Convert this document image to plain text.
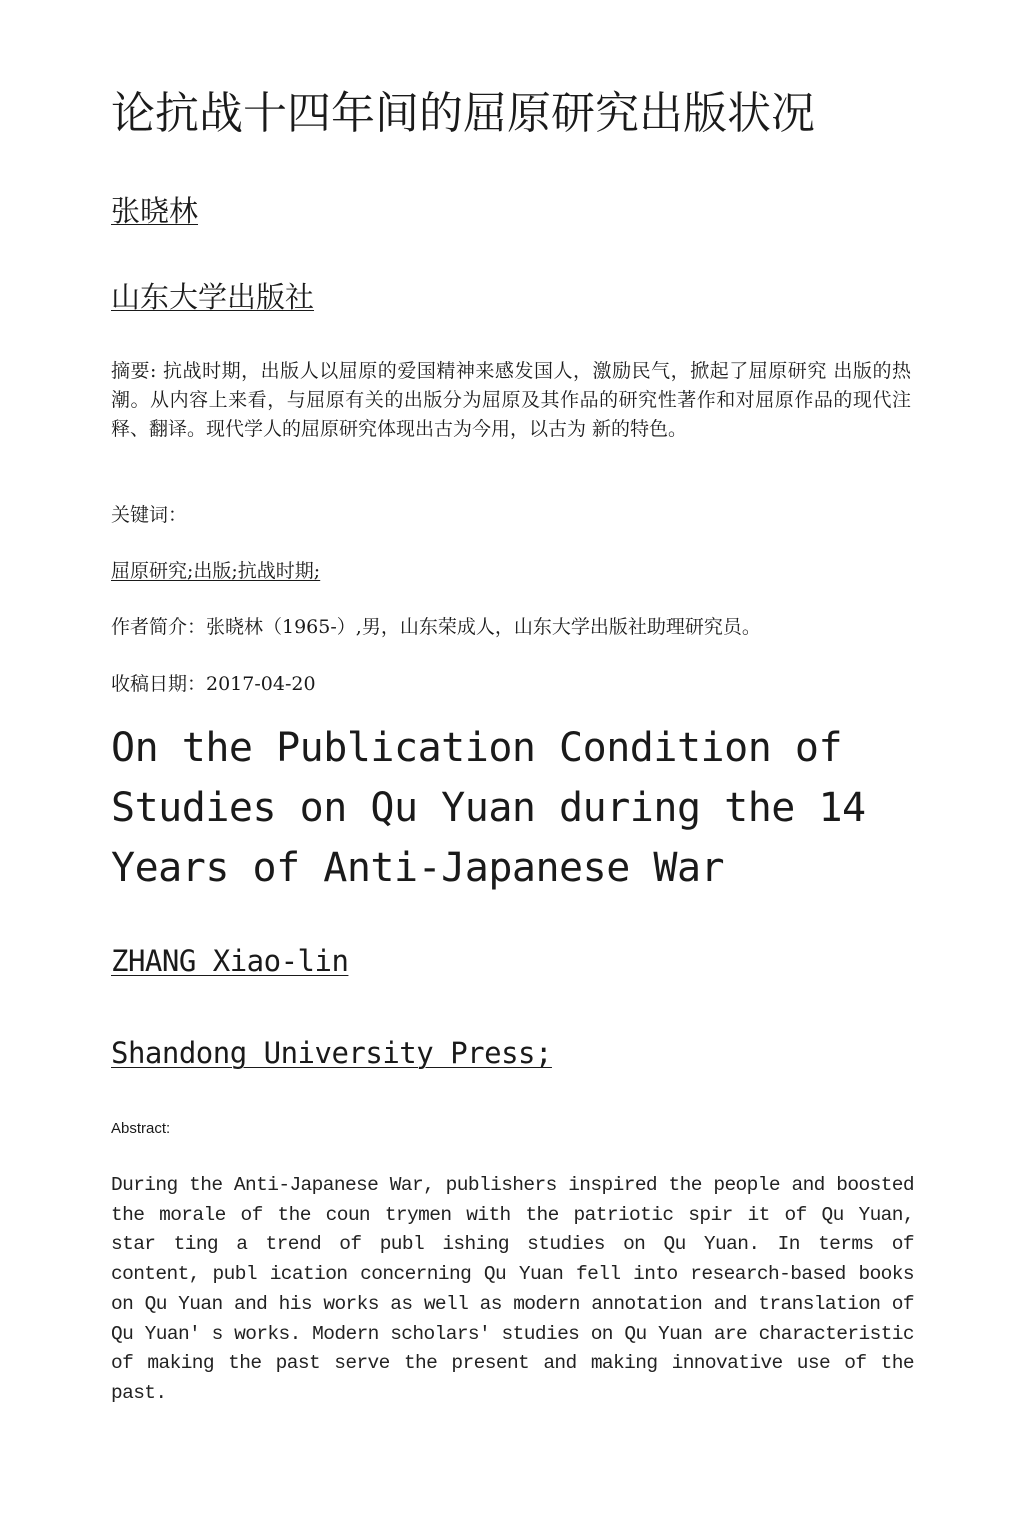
论抗战十四年间的屈原研究出版状况
张晓林
山东大学出版社
摘要: 抗战时期，出版人以屈原的爱国精神来感发国人，激励民气，掀起了屈原研究 出版的热潮。从内容上来看，与屈原有关的出版分为屈原及其作品的研究性著作和对屈原作品的现代注释、翻译。现代学人的屈原研究体现出古为今用，以古为 新的特色。
关键词：
屈原研究;出版;抗战时期;
作者简介：张晓林（1965-）,男，山东荣成人，山东大学出版社助理研究员。
收稿日期：2017-04-20
On the Publication Condition of Studies on Qu Yuan during the 14 Years of Anti-Japanese War
ZHANG Xiao-lin
Shandong University Press;
Abstract:
During the Anti-Japanese War, publishers inspired the people and boosted the morale of the coun trymen with the patriotic spir it of Qu Yuan, star ting a trend of publ ishing studies on Qu Yuan. In terms of content, publ ication concerning Qu Yuan fell into research-based books on Qu Yuan and his works as well as modern annotation and translation of Qu Yuan' s works. Modern scholars' studies on Qu Yuan are characteristic of making the past serve the present and making innovative use of the past.
